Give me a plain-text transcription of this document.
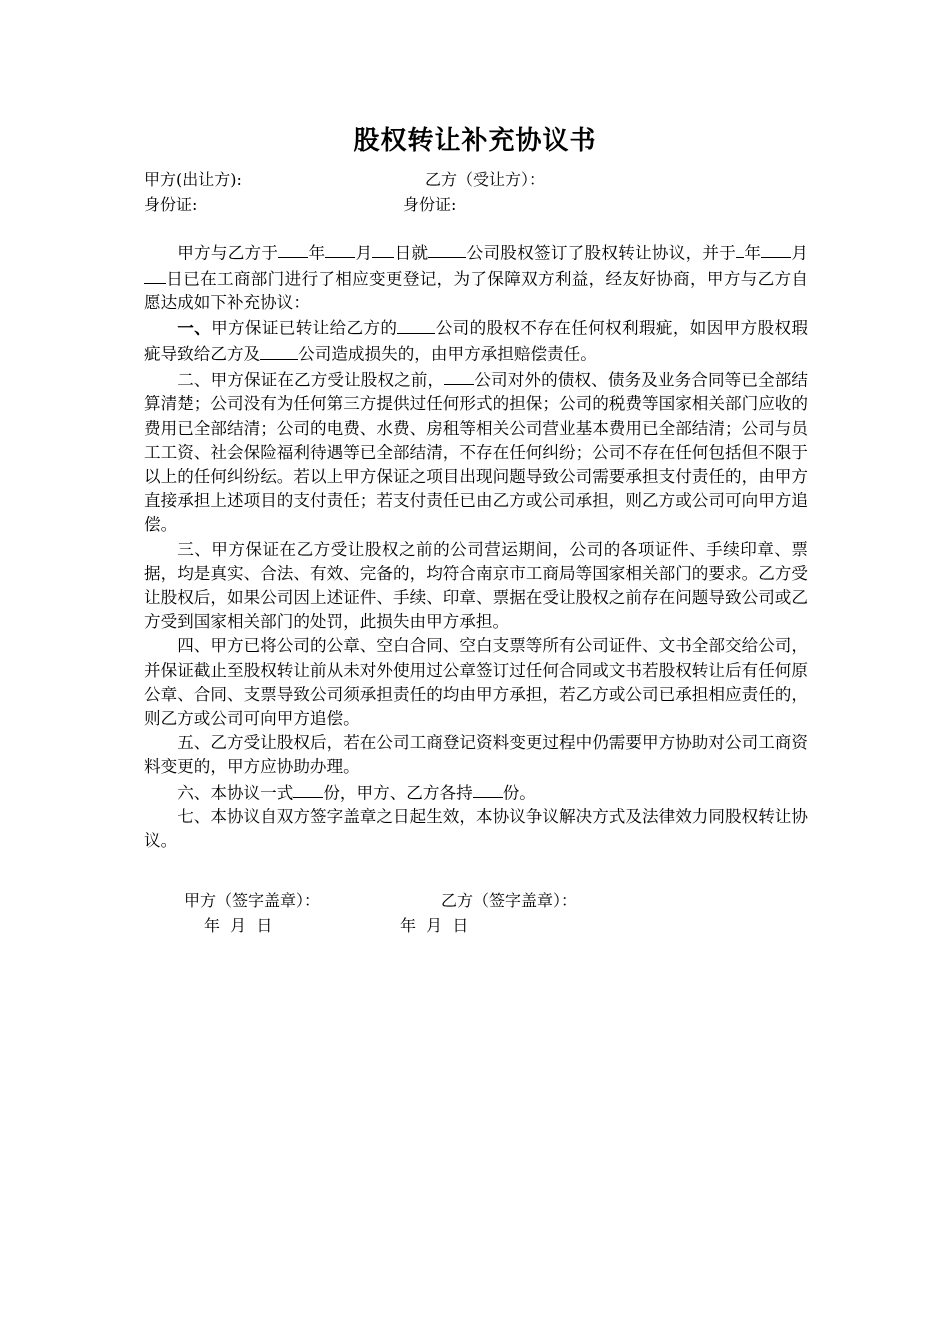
股权转让补充协议书
甲方(出让方):	乙方（受让方）：
身份证:	身份证:

甲方与乙方于 年 月 日就 公司股权签订了股权转让协议，并于 年 月日已在工商部门进行了相应变更登记，为了保障双方利益，经友好协商，甲方与乙方自愿达成如下补充协议：

一、甲方保证已转让给乙方的 公司的股权不存在任何权利瑕疵，如因甲方股权瑕疵导致给乙方及 公司造成损失的，由甲方承担赔偿责任。

二、甲方保证在乙方受让股权之前， 公司对外的债权、债务及业务合同等已全部结算清楚；公司没有为任何第三方提供过任何形式的担保；公司的税费等国家相关部门应收的费用已全部结清；公司的电费、水费、房租等相关公司营业基本费用已全部结清；公司与员工工资、社会保险福利待遇等已全部结清，不存在任何纠纷；公司不存在任何包括但不限于以上的任何纠纷纭。若以上甲方保证之项目出现问题导致公司需要承担支付责任的，由甲方直接承担上述项目的支付责任；若支付责任已由乙方或公司承担，则乙方或公司可向甲方追偿。

三、甲方保证在乙方受让股权之前的公司营运期间，公司的各项证件、手续印章、票据，均是真实、合法、有效、完备的，均符合南京市工商局等国家相关部门的要求。乙方受让股权后，如果公司因上述证件、手续、印章、票据在受让股权之前存在问题导致公司或乙方受到国家相关部门的处罚，此损失由甲方承担。

四、甲方已将公司的公章、空白合同、空白支票等所有公司证件、文书全部交给公司，并保证截止至股权转让前从未对外使用过公章签订过任何合同或文书若股权转让后有任何原公章、合同、支票导致公司须承担责任的均由甲方承担，若乙方或公司已承担相应责任的，则乙方或公司可向甲方追偿。

五、乙方受让股权后，若在公司工商登记资料变更过程中仍需要甲方协助对公司工商资料变更的，甲方应协助办理。

六、本协议一式 份，甲方、乙方各持 份。

七、本协议自双方签字盖章之日起生效，本协议争议解决方式及法律效力同股权转让协议。

甲方（签字盖章）：	乙方（签字盖章）：
年  月  日	年  月  日
